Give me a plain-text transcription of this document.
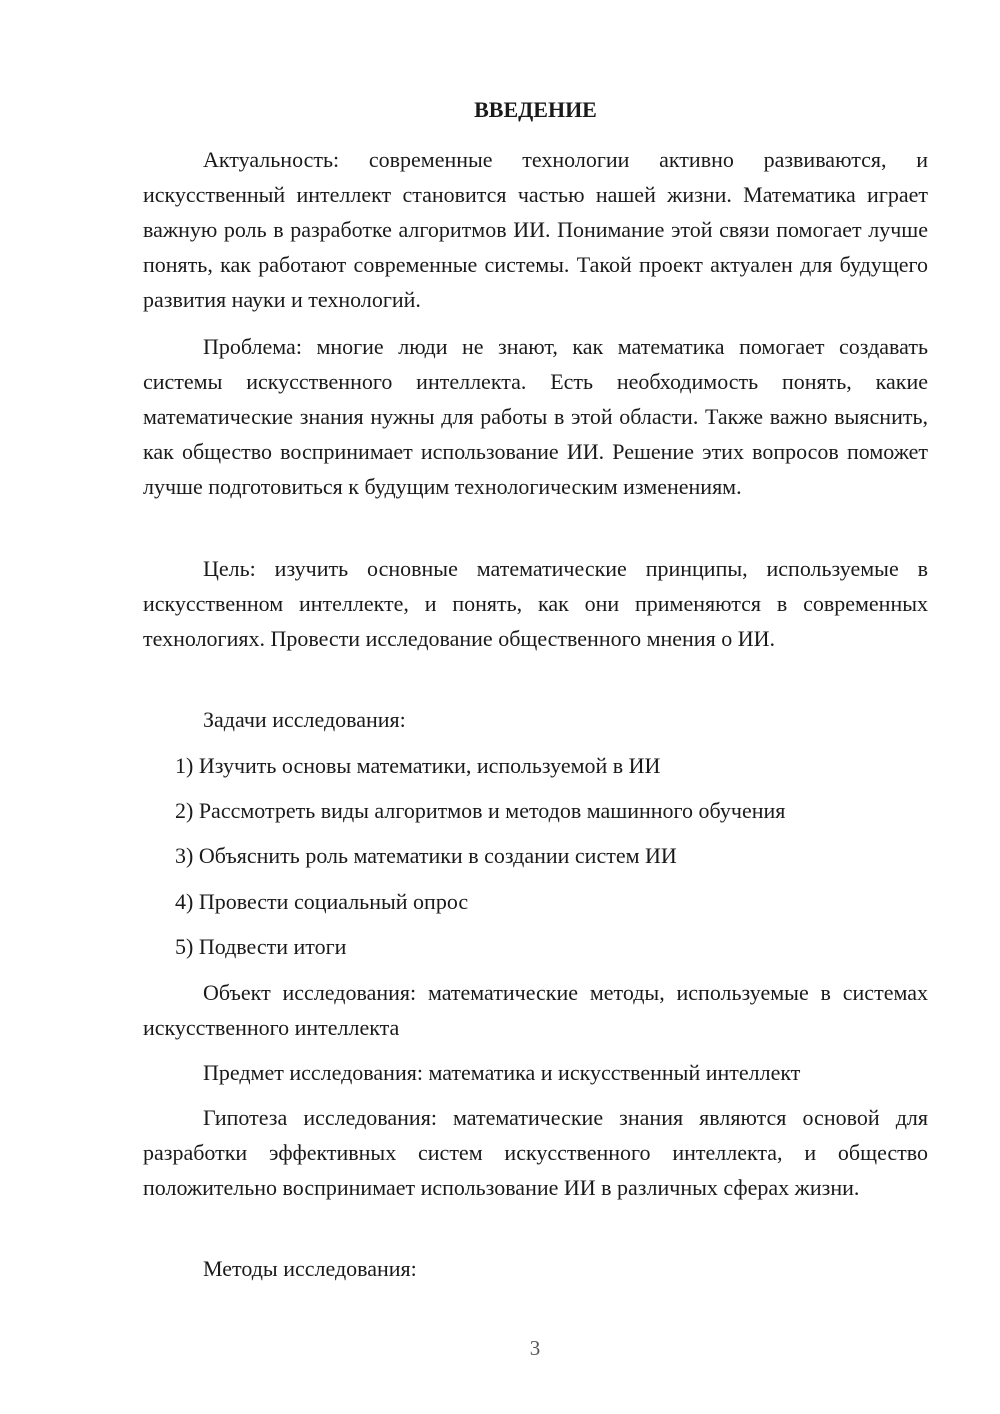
ВВЕДЕНИЕ

Актуальность: современные технологии активно развиваются, и искусственный интеллект становится частью нашей жизни. Математика играет важную роль в разработке алгоритмов ИИ. Понимание этой связи помогает лучше понять, как работают современные системы. Такой проект актуален для будущего развития науки и технологий.

Проблема: многие люди не знают, как математика помогает создавать системы искусственного интеллекта. Есть необходимость понять, какие математические знания нужны для работы в этой области. Также важно выяснить, как общество воспринимает использование ИИ. Решение этих вопросов поможет лучше подготовиться к будущим технологическим изменениям.

Цель: изучить основные математические принципы, используемые в искусственном интеллекте, и понять, как они применяются в современных технологиях. Провести исследование общественного мнения о ИИ.

Задачи исследования:

1) Изучить основы математики, используемой в ИИ

2) Рассмотреть виды алгоритмов и методов машинного обучения

3) Объяснить роль математики в создании систем ИИ

4) Провести социальный опрос

5) Подвести итоги

Объект исследования: математические методы, используемые в системах искусственного интеллекта

Предмет исследования: математика и искусственный интеллект

Гипотеза исследования: математические знания являются основой для разработки эффективных систем искусственного интеллекта, и общество положительно воспринимает использование ИИ в различных сферах жизни.

Методы исследования:

3
